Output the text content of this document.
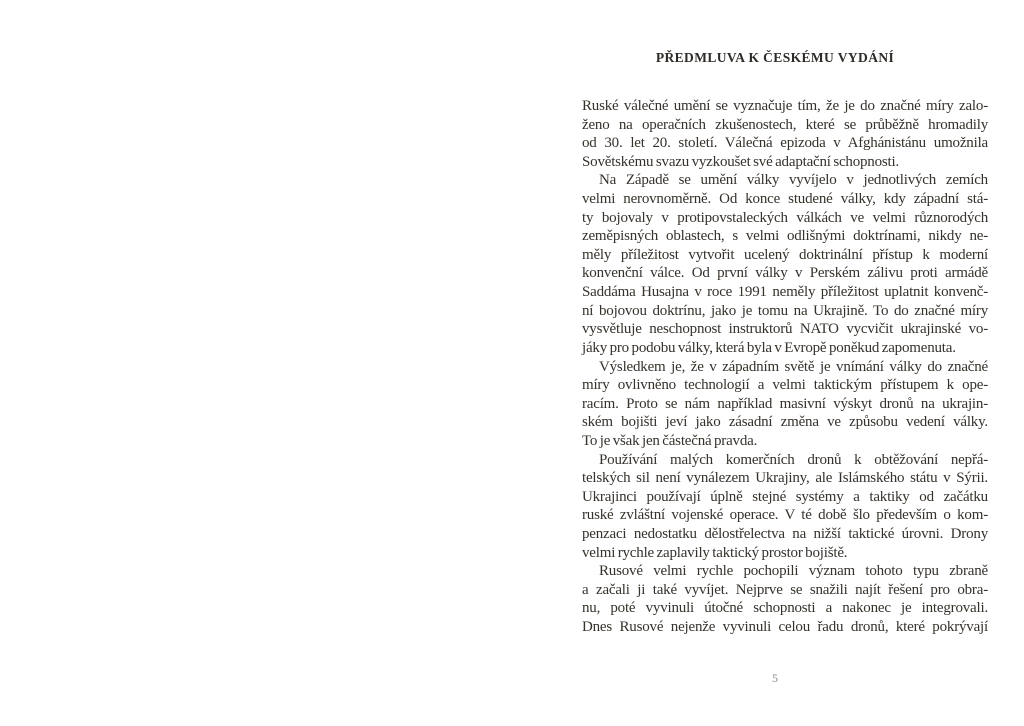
PŘEDMLUVA K ČESKÉMU VYDÁNÍ
Ruské válečné umění se vyznačuje tím, že je do značné míry zalo-
ženo na operačních zkušenostech, které se průběžně hromadily
od 30. let 20. století. Válečná epizoda v Afghánistánu umožnila
Sovětskému svazu vyzkoušet své adaptační schopnosti.
Na Západě se umění války vyvíjelo v jednotlivých zemích
velmi nerovnoměrně. Od konce studené války, kdy západní stá-
ty bojovaly v protipovstaleckých válkách ve velmi různorodých
zeměpisných oblastech, s velmi odlišnými doktrínami, nikdy ne-
měly příležitost vytvořit ucelený doktrinální přístup k moderní
konvenční válce. Od první války v Perském zálivu proti armádě
Saddáma Husajna v roce 1991 neměly příležitost uplatnit konvenč-
ní bojovou doktrínu, jako je tomu na Ukrajině. To do značné míry
vysvětluje neschopnost instruktorů NATO vycvičit ukrajinské vo-
jáky pro podobu války, která byla v Evropě poněkud zapomenuta.
Výsledkem je, že v západním světě je vnímání války do značné
míry ovlivněno technologií a velmi taktickým přístupem k ope-
racím. Proto se nám například masivní výskyt dronů na ukrajin-
ském bojišti jeví jako zásadní změna ve způsobu vedení války.
To je však jen částečná pravda.
Používání malých komerčních dronů k obtěžování nepřá-
telských sil není vynálezem Ukrajiny, ale Islámského státu v Sýrii.
Ukrajinci používají úplně stejné systémy a taktiky od začátku
ruské zvláštní vojenské operace. V té době šlo především o kom-
penzaci nedostatku dělostřelectva na nižší taktické úrovni. Drony
velmi rychle zaplavily taktický prostor bojiště.
Rusové velmi rychle pochopili význam tohoto typu zbraně
a začali ji také vyvíjet. Nejprve se snažili najít řešení pro obra-
nu, poté vyvinuli útočné schopnosti a nakonec je integrovali.
Dnes Rusové nejenže vyvinuli celou řadu dronů, které pokrývají
5
